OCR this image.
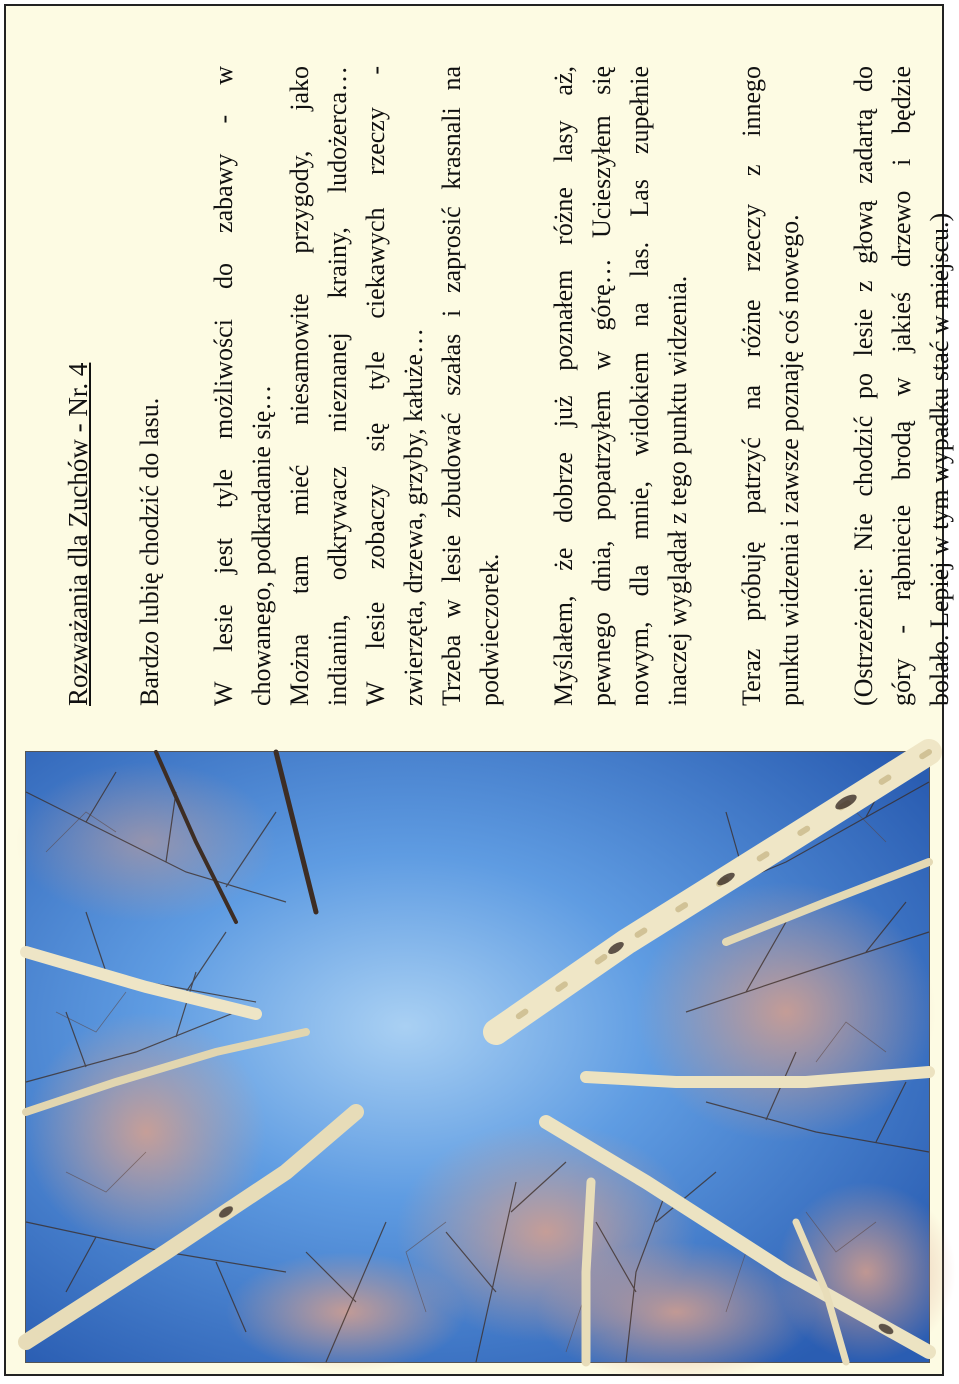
Rozważania dla Zuchów - Nr. 4 Bardzo lubię chodzić do lasu. W lesie jest tyle możliwości do zabawy - w chowanego, podkradanie się… Można tam mieć niesamowite przygody, jako indianin, odkrywacz nieznanej krainy, ludożerca… W lesie zobaczy się tyle ciekawych rzeczy - zwierzęta, drzewa, grzyby, kałuże… Trzeba w lesie zbudować szałas i zaprosić krasnali na podwieczorek. Myślałem, że dobrze już poznałem różne lasy aż, pewnego dnia, popatrzyłem w górę… Ucieszyłem się nowym, dla mnie, widokiem na las. Las zupełnie inaczej wyglądał z tego punktu widzenia. Teraz próbuję patrzyć na różne rzeczy z innego punktu widzenia i zawsze poznaję coś nowego. (Ostrzeżenie: Nie chodzić po lesie z głową zadartą do góry - rąbniecie brodą w jakieś drzewo i będzie bolało. Lepiej w tym wypadku stać w miejscu.)
